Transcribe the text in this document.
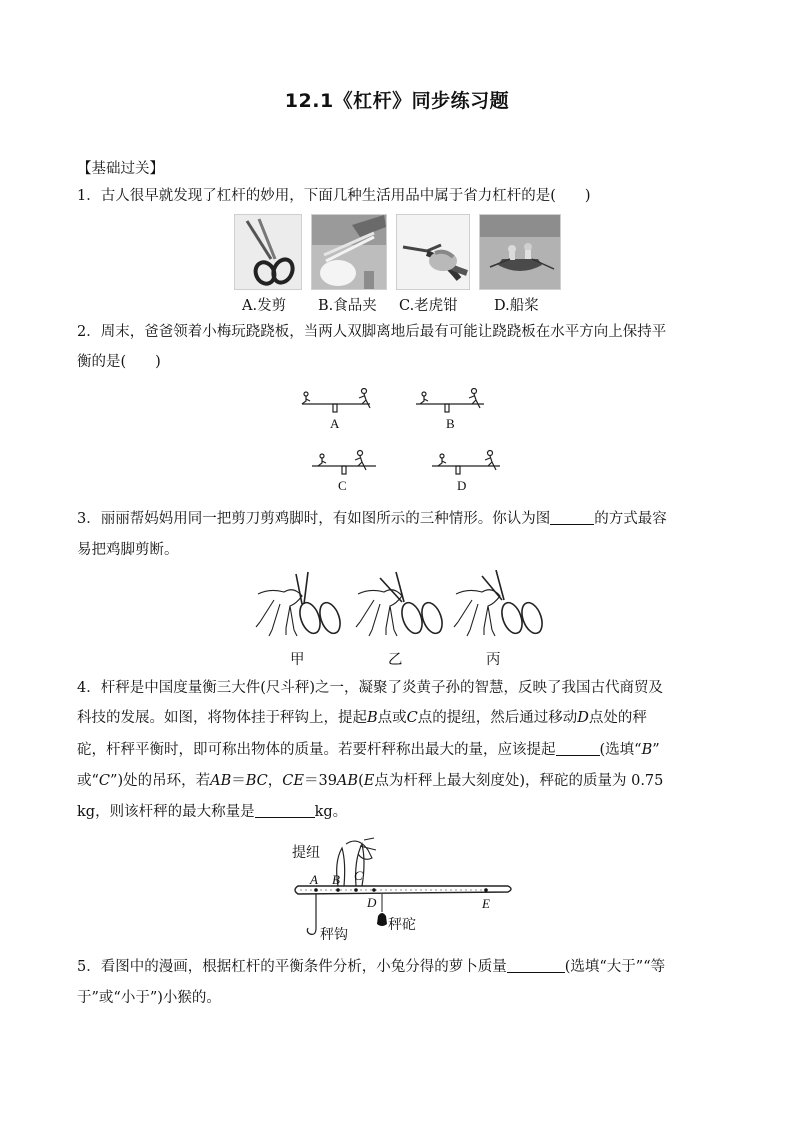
12.1《杠杆》同步练习题
【基础过关】
1．古人很早就发现了杠杆的妙用，下面几种生活用品中属于省力杠杆的是(　　)
A.发剪 B.食品夹 C.老虎钳	D.船桨
2．周末，爸爸领着小梅玩跷跷板，当两人双脚离地后最有可能让跷跷板在水平方向上保持平
衡的是(　　)
A	B
C	D
3．丽丽帮妈妈用同一把剪刀剪鸡脚时，有如图所示的三种情形。你认为图	的方式最容
易把鸡脚剪断。
甲	乙	丙
4．杆秤是中国度量衡三大件(尺斗秤)之一，凝聚了炎黄子孙的智慧，反映了我国古代商贸及
科技的发展。如图，将物体挂于秤钩上，提起B点或C点的提纽，然后通过移动D点处的秤
砣，杆秤平衡时，即可称出物体的质量。若要杆秤称出最大的量，应该提起	(选填“B”
或“C”)处的吊环，若AB＝BC，CE＝39AB(E点为杆秤上最大刻度处)，秤砣的质量为 0.75
kg，则该杆秤的最大称量是	kg。
提纽
A B C
D	E
秤钩
秤砣
5．看图中的漫画，根据杠杆的平衡条件分析，小兔分得的萝卜质量	(选填“大于”“等
于”或“小于”)小猴的。
